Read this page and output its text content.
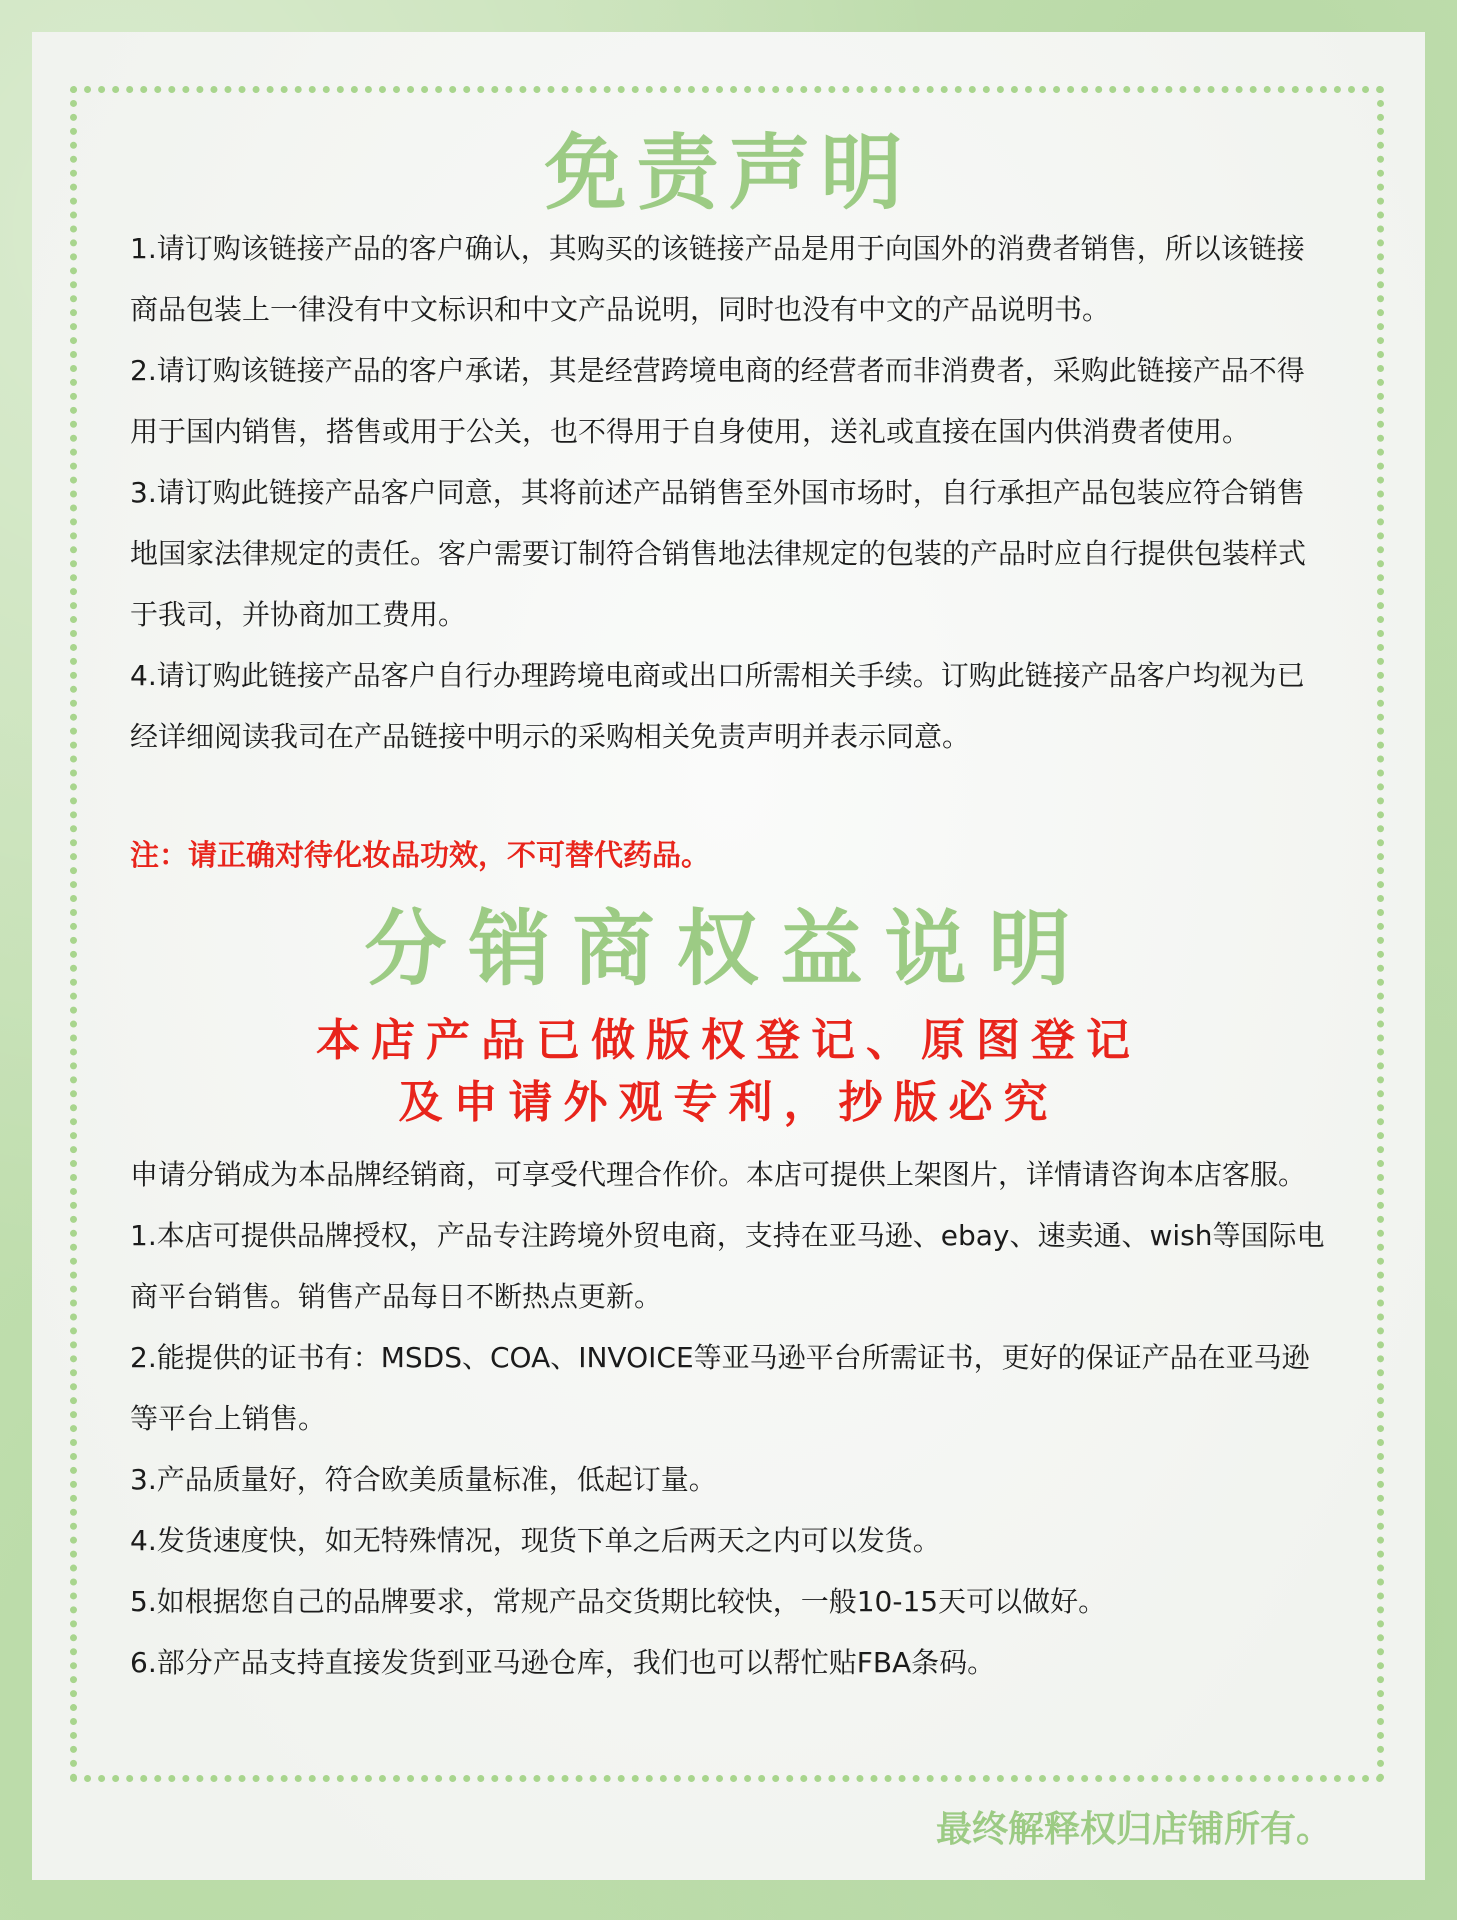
免责声明

1.请订购该链接产品的客户确认，其购买的该链接产品是用于向国外的消费者销售，所以该链接商品包装上一律没有中文标识和中文产品说明，同时也没有中文的产品说明书。

2.请订购该链接产品的客户承诺，其是经营跨境电商的经营者而非消费者，采购此链接产品不得用于国内销售，搭售或用于公关，也不得用于自身使用，送礼或直接在国内供消费者使用。

3.请订购此链接产品客户同意，其将前述产品销售至外国市场时，自行承担产品包装应符合销售地国家法律规定的责任。客户需要订制符合销售地法律规定的包装的产品时应自行提供包装样式于我司，并协商加工费用。

4.请订购此链接产品客户自行办理跨境电商或出口所需相关手续。订购此链接产品客户均视为已经详细阅读我司在产品链接中明示的采购相关免责声明并表示同意。

注：请正确对待化妆品功效，不可替代药品。

分销商权益说明

本店产品已做版权登记、原图登记

及申请外观专利，抄版必究

申请分销成为本品牌经销商，可享受代理合作价。本店可提供上架图片，详情请咨询本店客服。

1.本店可提供品牌授权，产品专注跨境外贸电商，支持在亚马逊、ebay、速卖通、wish等国际电商平台销售。销售产品每日不断热点更新。

2.能提供的证书有：MSDS、COA、INVOICE等亚马逊平台所需证书，更好的保证产品在亚马逊等平台上销售。

3.产品质量好，符合欧美质量标准，低起订量。

4.发货速度快，如无特殊情况，现货下单之后两天之内可以发货。

5.如根据您自己的品牌要求，常规产品交货期比较快，一般10-15天可以做好。

6.部分产品支持直接发货到亚马逊仓库，我们也可以帮忙贴FBA条码。

最终解释权归店铺所有。
